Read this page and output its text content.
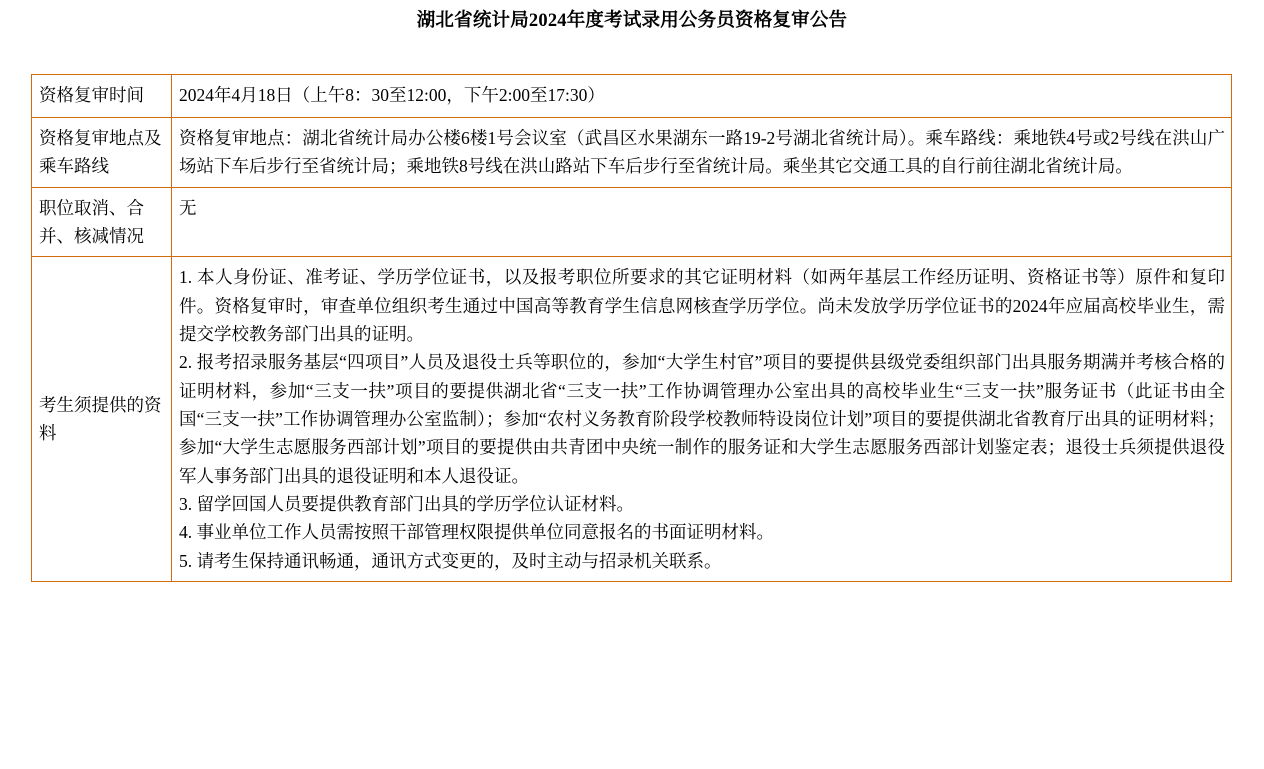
湖北省统计局2024年度考试录用公务员资格复审公告
资格复审时间	2024年4月18日（上午8：30至12:00，下午2:00至17:30）

资格复审地点及乘车路线	资格复审地点：湖北省统计局办公楼6楼1号会议室（武昌区水果湖东一路19-2号湖北省统计局）。乘车路线：乘地铁4号或2号线在洪山广场站下车后步行至省统计局；乘地铁8号线在洪山路站下车后步行至省统计局。乘坐其它交通工具的自行前往湖北省统计局。

职位取消、合并、核减情况	无

考生须提供的资料	1. 本人身份证、准考证、学历学位证书，以及报考职位所要求的其它证明材料（如两年基层工作经历证明、资格证书等）原件和复印件。资格复审时，审查单位组织考生通过中国高等教育学生信息网核查学历学位。尚未发放学历学位证书的2024年应届高校毕业生，需提交学校教务部门出具的证明。

2. 报考招录服务基层“四项目”人员及退役士兵等职位的，参加“大学生村官”项目的要提供县级党委组织部门出具服务期满并考核合格的证明材料，参加“三支一扶”项目的要提供湖北省“三支一扶”工作协调管理办公室出具的高校毕业生“三支一扶”服务证书（此证书由全国“三支一扶”工作协调管理办公室监制）；参加“农村义务教育阶段学校教师特设岗位计划”项目的要提供湖北省教育厅出具的证明材料；参加“大学生志愿服务西部计划”项目的要提供由共青团中央统一制作的服务证和大学生志愿服务西部计划鉴定表；退役士兵须提供退役军人事务部门出具的退役证明和本人退役证。

3. 留学回国人员要提供教育部门出具的学历学位认证材料。

4. 事业单位工作人员需按照干部管理权限提供单位同意报名的书面证明材料。

5. 请考生保持通讯畅通，通讯方式变更的，及时主动与招录机关联系。
